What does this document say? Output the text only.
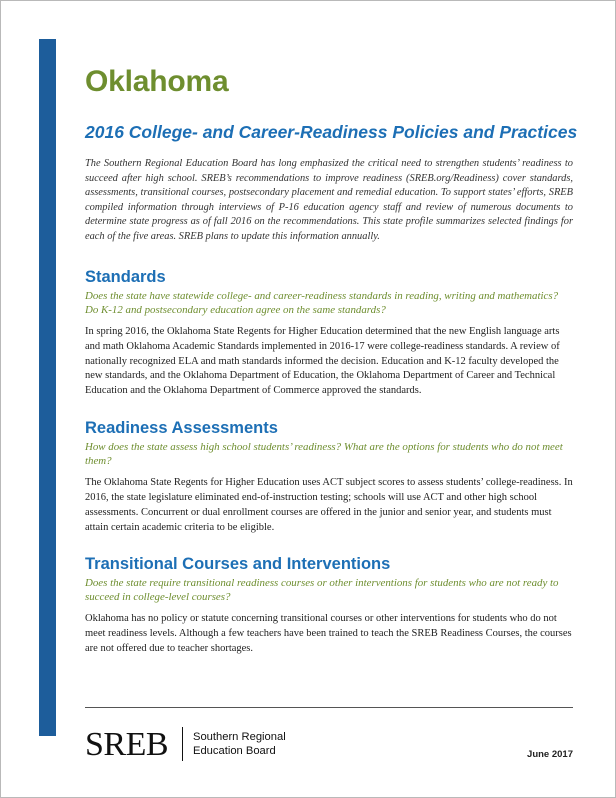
Oklahoma
2016 College- and Career-Readiness Policies and Practices

The Southern Regional Education Board has long emphasized the critical need to strengthen students’ readiness to succeed after high school. SREB’s recommendations to improve readiness (SREB.org/Readiness) cover standards, assessments, transitional courses, postsecondary placement and remedial education. To support states’ efforts, SREB compiled information through interviews of P-16 education agency staff and review of numerous documents to determine state progress as of fall 2016 on the recommendations. This state profile summarizes selected findings for each of the five areas. SREB plans to update this information annually.

Standards

Does the state have statewide college- and career-readiness standards in reading, writing and mathematics? Do K-12 and postsecondary education agree on the same standards?

In spring 2016, the Oklahoma State Regents for Higher Education determined that the new English language arts and math Oklahoma Academic Standards implemented in 2016-17 were college-readiness standards. A review of nationally recognized ELA and math standards informed the decision. Education and K-12 faculty developed the new standards, and the Oklahoma Department of Education, the Oklahoma Department of Career and Technical Education and the Oklahoma Department of Commerce approved the standards.

Readiness Assessments

How does the state assess high school students’ readiness? What are the options for students who do not meet them?

The Oklahoma State Regents for Higher Education uses ACT subject scores to assess students’ college-readiness. In 2016, the state legislature eliminated end-of-instruction testing; schools will use ACT and other high school assessments. Concurrent or dual enrollment courses are offered in the junior and senior year, and students must attain certain academic criteria to be eligible.

Transitional Courses and Interventions

Does the state require transitional readiness courses or other interventions for students who are not ready to succeed in college-level courses?

Oklahoma has no policy or statute concerning transitional courses or other interventions for students who do not meet readiness levels. Although a few teachers have been trained to teach the SREB Readiness Courses, the courses are not offered due to teacher shortages.

SREB Southern Regional
Education Board	June 2017
